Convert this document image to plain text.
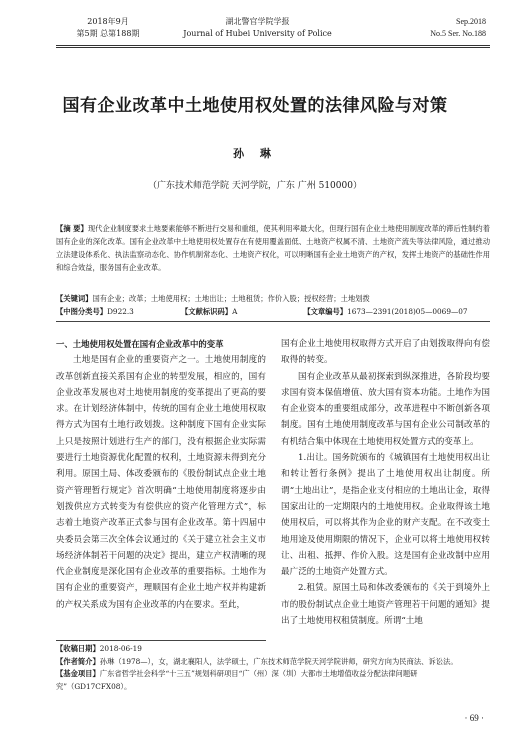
2018年9月
第5期 总第188期
湖北警官学院学报
Journal of Hubei University of Police
Sep.2018
No.5 Ser. No.188
国有企业改革中土地使用权处置的法律风险与对策
孙 琳
（广东技术师范学院 天河学院，广东 广州 510000）
【摘 要】现代企业制度要求土地要素能够不断进行交易和重组，使其利用率最大化，但现行国有企业土地使用制度改革的滞后性制约着国有企业的深化改革。国有企业改革中土地使用权处置存在有使用覆盖面低、土地资产权属不清、土地资产流失等法律风险，通过推动立法建设体系化、执法监察动态化、协作机制常态化、土地资产权化，可以明晰国有企业土地资产的产权，发挥土地资产的基础性作用和综合效益，服务国有企业改革。
【关键词】国有企业；改革；土地使用权；土地出让；土地租赁；作价入股；授权经营；土地划拨
【中图分类号】D922.3	【文献标识码】A	【文章编号】1673—2391(2018)05—0069—07

一、土地使用权处置在国有企业改革中的变革

土地是国有企业的重要资产之一。土地使用制度的改革创新直接关系国有企业的转型发展，相应的，国有企业改革发展也对土地使用制度的变革提出了更高的要求。在计划经济体制中，传统的国有企业土地使用权取得方式为国有土地行政划拨。这种制度下国有企业实际上只是按照计划进行生产的部门，没有根据企业实际需要进行土地资源优化配置的权利，土地资源未得到充分利用。原国土局、体改委颁布的《股份制试点企业土地资产管理暂行规定》首次明确“土地使用制度将逐步由划拨供应方式转变为有偿供应的资产化管理方式”，标志着土地资产改革正式参与国有企业改革。第十四届中央委员会第三次全体会议通过的《关于建立社会主义市场经济体制若干问题的决定》提出，建立产权清晰的现代企业制度是深化国有企业改革的重要指标。土地作为国有企业的重要资产，理顺国有企业土地产权并构建新的产权关系成为国有企业改革的内在要求。至此，

国有企业土地使用权取得方式开启了由划拨取得向有偿取得的转变。

国有企业改革从最初探索到纵深推进，各阶段均要求国有资本保值增值、放大国有资本功能。土地作为国有企业资本的重要组成部分，改革进程中不断创新各项制度。国有土地使用制度改革与国有企业公司制改革的有机结合集中体现在土地使用权处置方式的变革上。

1.出让。国务院颁布的《城镇国有土地使用权出让和转让暂行条例》提出了土地使用权出让制度。所谓“土地出让”，是指企业支付相应的土地出让金，取得国家出让的一定期限内的土地使用权。企业取得该土地使用权后，可以将其作为企业的财产支配。在不改变土地用途及使用期限的情况下，企业可以将土地使用权转让、出租、抵押、作价入股。这是国有企业改制中应用最广泛的土地资产处置方式。

2.租赁。原国土局和体改委颁布的《关于到境外上市的股份制试点企业土地资产管理若干问题的通知》提出了土地使用权租赁制度。所谓“土地

【收稿日期】2018-06-19
【作者简介】孙琳（1978—），女，湖北襄阳人，法学硕士，广东技术师范学院天河学院讲师，研究方向为民商法、诉讼法。
【基金项目】广东省哲学社会科学“十三五”规划科研项目“广（州）深（圳）大都市土地增值收益分配法律问题研究”（GD17CFX08）。
· 69 ·
